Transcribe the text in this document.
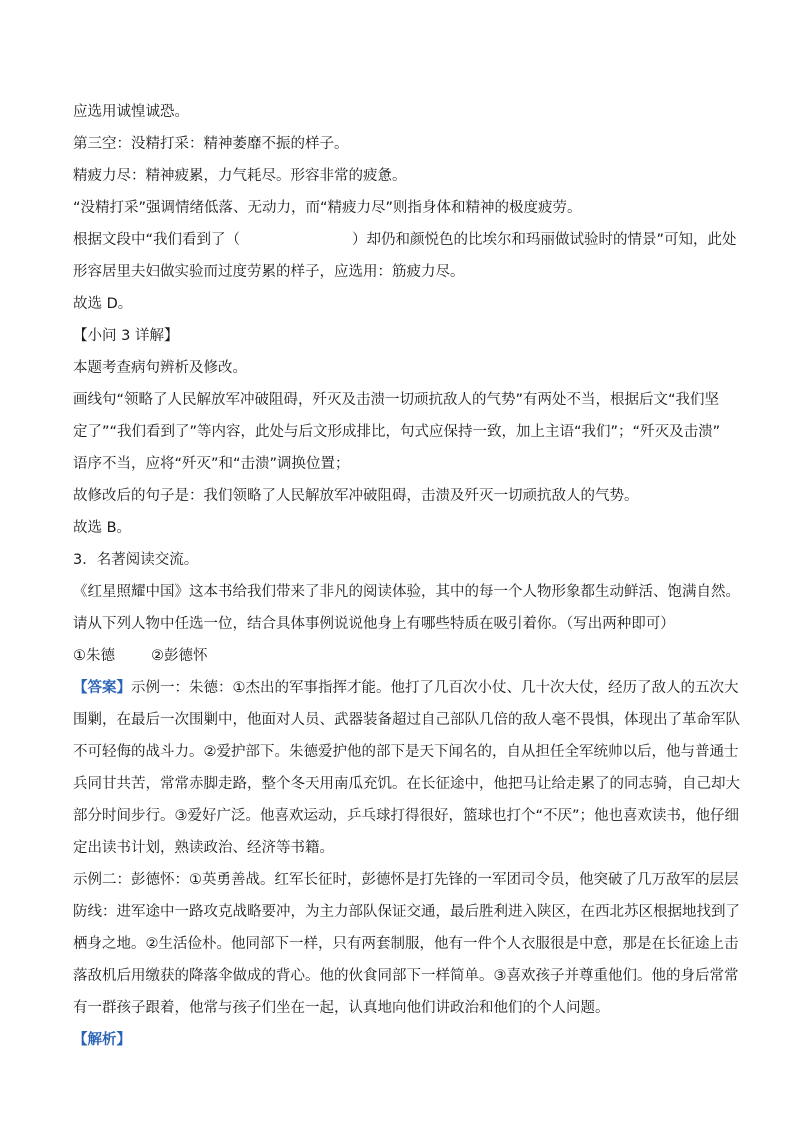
应选用诚惶诚恐。
第三空：没精打采：精神萎靡不振的样子。
精疲力尽：精神疲累，力气耗尽。形容非常的疲惫。
“没精打采”强调情绪低落、无动力，而“精疲力尽”则指身体和精神的极度疲劳。
根据文段中“我们看到了（	）却仍和颜悦色的比埃尔和玛丽做试验时的情景”可知，此处
形容居里夫妇做实验而过度劳累的样子，应选用：筋疲力尽。
故选 D。
【小问 3 详解】
本题考查病句辨析及修改。
画线句“领略了人民解放军冲破阻碍，歼灭及击溃一切顽抗敌人的气势”有两处不当，根据后文“我们坚
定了”“我们看到了”等内容，此处与后文形成排比，句式应保持一致，加上主语“我们”；“歼灭及击溃”
语序不当，应将“歼灭”和“击溃”调换位置；
故修改后的句子是：我们领略了人民解放军冲破阻碍，击溃及歼灭一切顽抗敌人的气势。
故选 B。
3．名著阅读交流。
《红星照耀中国》这本书给我们带来了非凡的阅读体验，其中的每一个人物形象都生动鲜活、饱满自然。
请从下列人物中任选一位，结合具体事例说说他身上有哪些特质在吸引着你。（写出两种即可）
①朱德 ②彭德怀
【答案】示例一：朱德：①杰出的军事指挥才能。他打了几百次小仗、几十次大仗，经历了敌人的五次大
围剿，在最后一次围剿中，他面对人员、武器装备超过自己部队几倍的敌人毫不畏惧，体现出了革命军队
不可轻侮的战斗力。②爱护部下。朱德爱护他的部下是天下闻名的，自从担任全军统帅以后，他与普通士
兵同甘共苦，常常赤脚走路，整个冬天用南瓜充饥。在长征途中，他把马让给走累了的同志骑，自己却大
部分时间步行。③爱好广泛。他喜欢运动，乒乓球打得很好，篮球也打个“不厌”；他也喜欢读书，他仔细
定出读书计划，熟读政治、经济等书籍。
示例二：彭德怀：①英勇善战。红军长征时，彭德怀是打先锋的一军团司令员，他突破了几万敌军的层层
防线：进军途中一路攻克战略要冲，为主力部队保证交通，最后胜利进入陕区，在西北苏区根据地找到了
栖身之地。②生活俭朴。他同部下一样，只有两套制服，他有一件个人衣服很是中意，那是在长征途上击
落敌机后用缴获的降落伞做成的背心。他的伙食同部下一样简单。③喜欢孩子并尊重他们。他的身后常常
有一群孩子跟着，他常与孩子们坐在一起，认真地向他们讲政治和他们的个人问题。
【解析】
